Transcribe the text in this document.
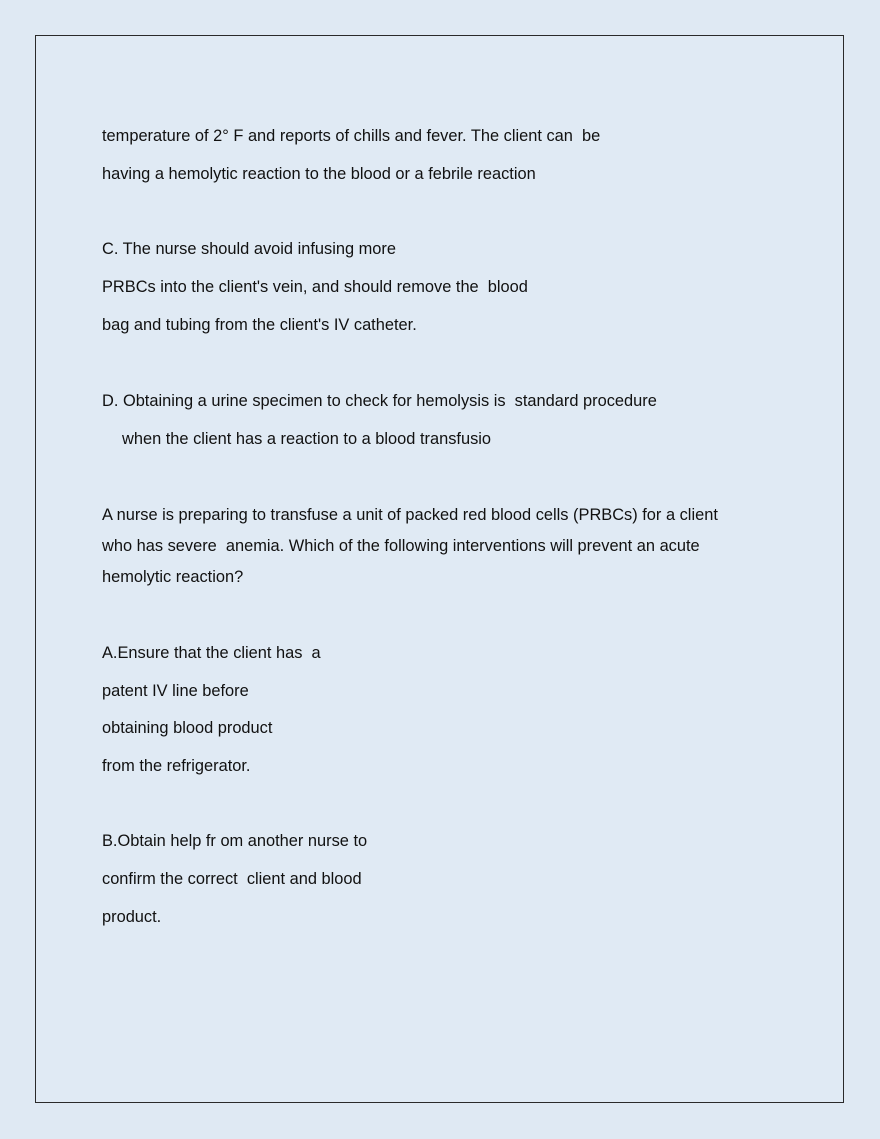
temperature of 2° F and reports of chills and fever. The client can  be
having a hemolytic reaction to the blood or a febrile reaction
C. The nurse should avoid infusing more
PRBCs into the client's vein, and should remove the  blood
bag and tubing from the client's IV catheter.
D. Obtaining a urine specimen to check for hemolysis is  standard procedure
when the client has a reaction to a blood transfusio
A nurse is preparing to transfuse a unit of packed red blood cells (PRBCs) for a client
who has severe  anemia. Which of the following interventions will prevent an acute
hemolytic reaction?
A.Ensure that the client has  a
patent IV line before
obtaining blood product
from the refrigerator.
B.Obtain help fr om another nurse to
confirm the correct  client and blood
product.
